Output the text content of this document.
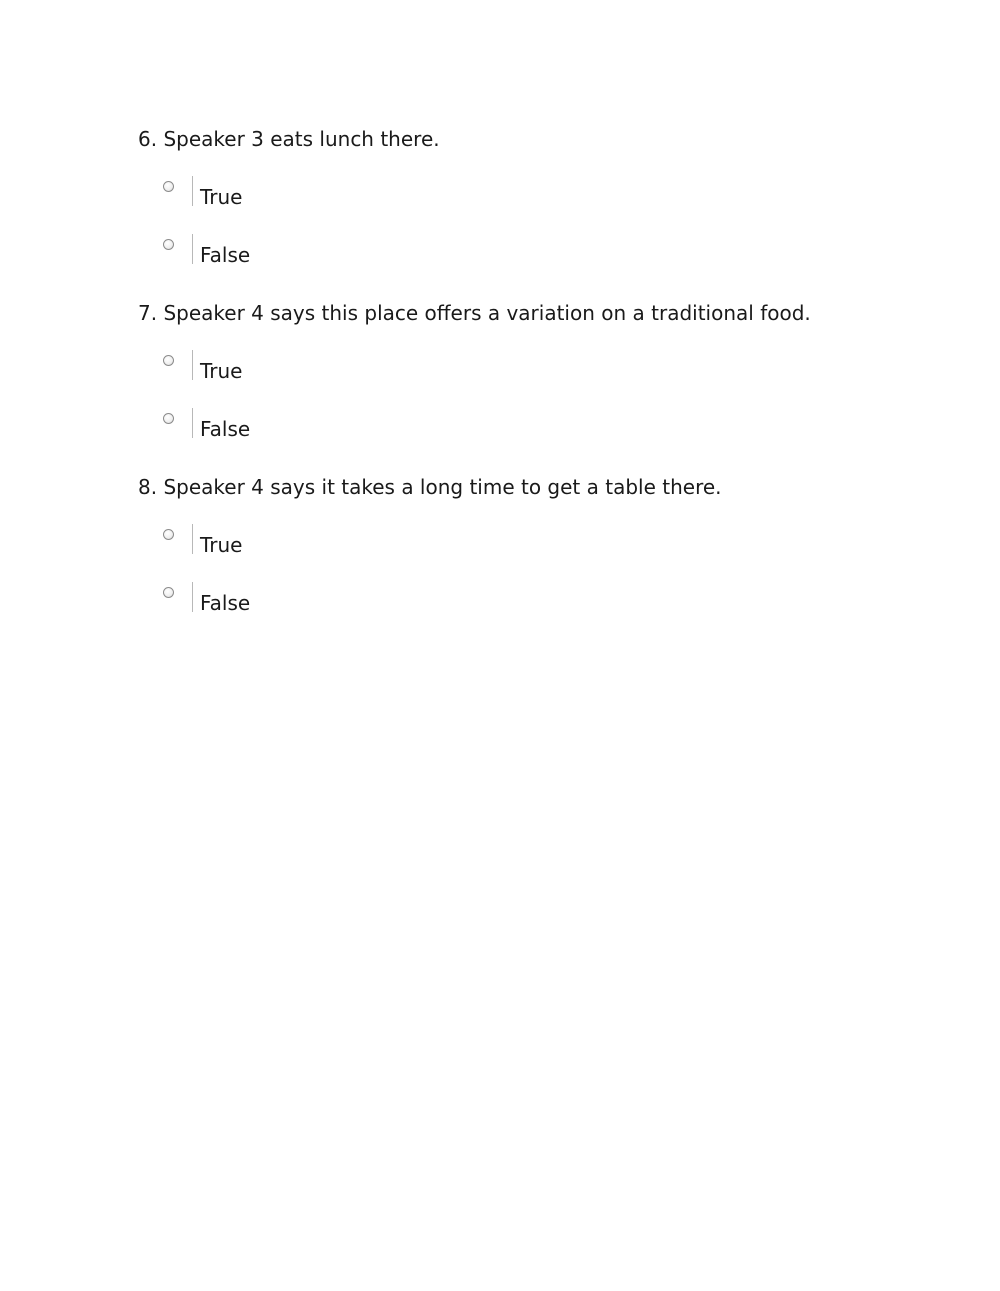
6. Speaker 3 eats lunch there.
True
False
7. Speaker 4 says this place offers a variation on a traditional food.
True
False
8. Speaker 4 says it takes a long time to get a table there.
True
False
